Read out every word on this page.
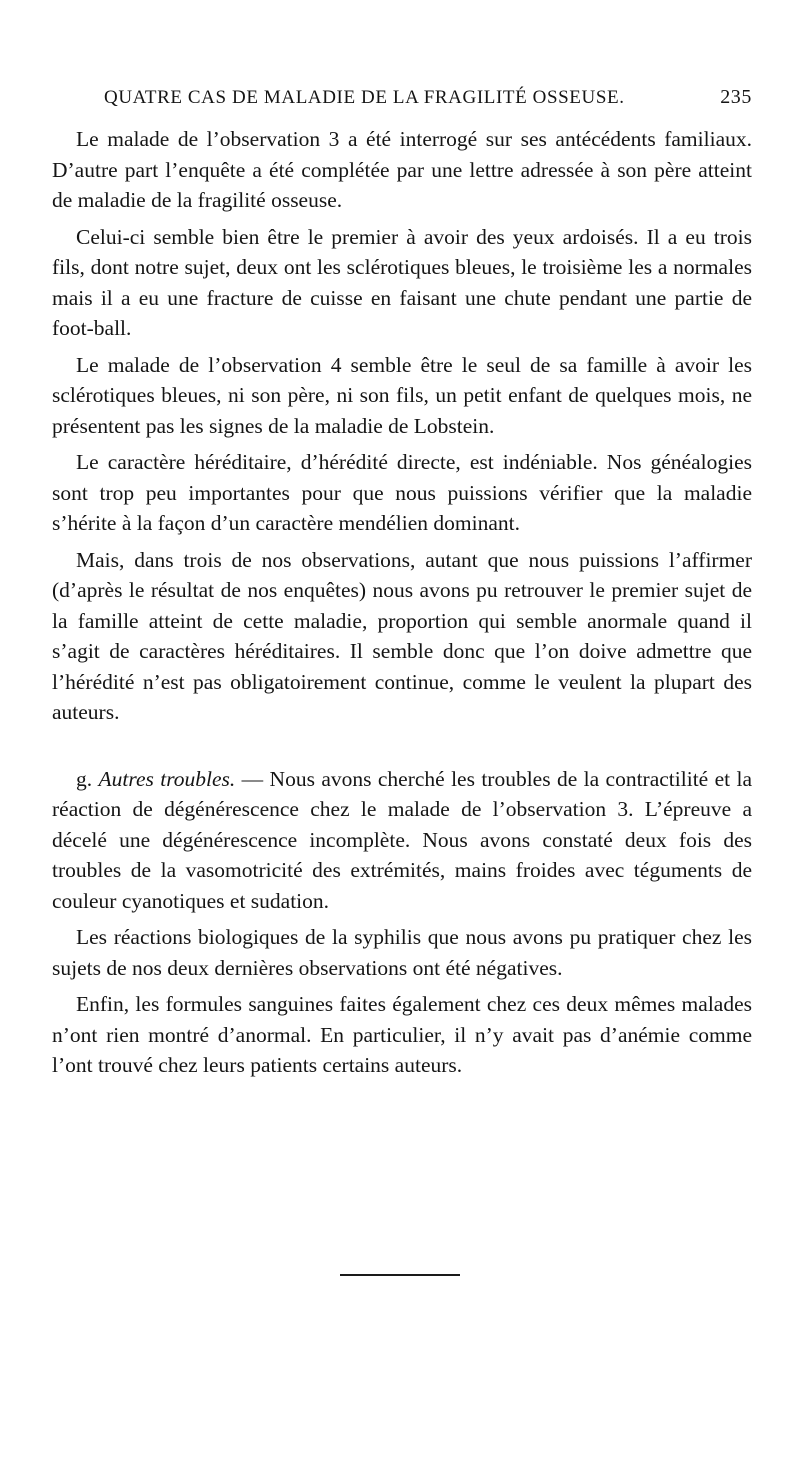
QUATRE CAS DE MALADIE DE LA FRAGILITÉ OSSEUSE.	235

Le malade de l’observation 3 a été interrogé sur ses antécédents familiaux. D’autre part l’enquête a été complétée par une lettre adressée à son père atteint de maladie de la fragilité osseuse.

Celui-ci semble bien être le premier à avoir des yeux ardoisés. Il a eu trois fils, dont notre sujet, deux ont les sclérotiques bleues, le troisième les a normales mais il a eu une fracture de cuisse en faisant une chute pendant une partie de foot-ball.

Le malade de l’observation 4 semble être le seul de sa famille à avoir les sclérotiques bleues, ni son père, ni son fils, un petit enfant de quelques mois, ne présentent pas les signes de la maladie de Lobstein.

Le caractère héréditaire, d’hérédité directe, est indéniable. Nos généalogies sont trop peu importantes pour que nous puissions vérifier que la maladie s’hérite à la façon d’un caractère mendélien dominant.

Mais, dans trois de nos observations, autant que nous puissions l’affirmer (d’après le résultat de nos enquêtes) nous avons pu retrouver le premier sujet de la famille atteint de cette maladie, proportion qui semble anormale quand il s’agit de caractères héréditaires. Il semble donc que l’on doive admettre que l’hérédité n’est pas obligatoirement continue, comme le veulent la plupart des auteurs.

g. Autres troubles. — Nous avons cherché les troubles de la contractilité et la réaction de dégénérescence chez le malade de l’observation 3. L’épreuve a décelé une dégénérescence incomplète. Nous avons constaté deux fois des troubles de la vasomotricité des extrémités, mains froides avec téguments de couleur cyanotiques et sudation.

Les réactions biologiques de la syphilis que nous avons pu pratiquer chez les sujets de nos deux dernières observations ont été négatives.

Enfin, les formules sanguines faites également chez ces deux mêmes malades n’ont rien montré d’anormal. En particulier, il n’y avait pas d’anémie comme l’ont trouvé chez leurs patients certains auteurs.
